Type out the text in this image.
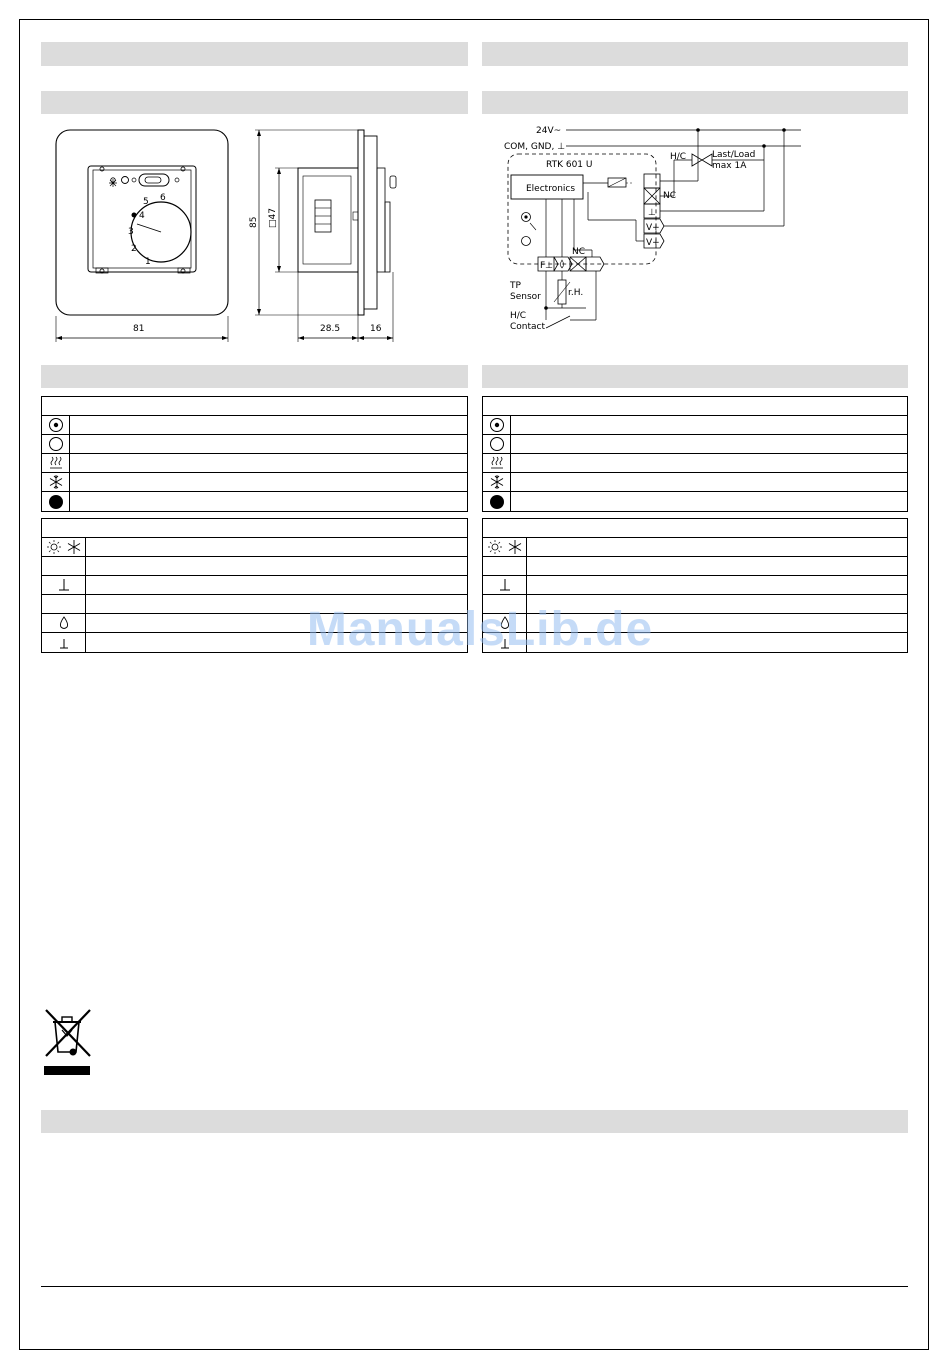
5 6
4
3
2
1
81
85 □47
28.5	16
24V~
COM, GND, ⊥
RTK 601 U
Electronics
NC
⊥
V+
V+
H/C	Last/Load
max 1A
F⊥
NC
r.H.
TP
Sensor
H/C
Contact
ManualsLib.de
